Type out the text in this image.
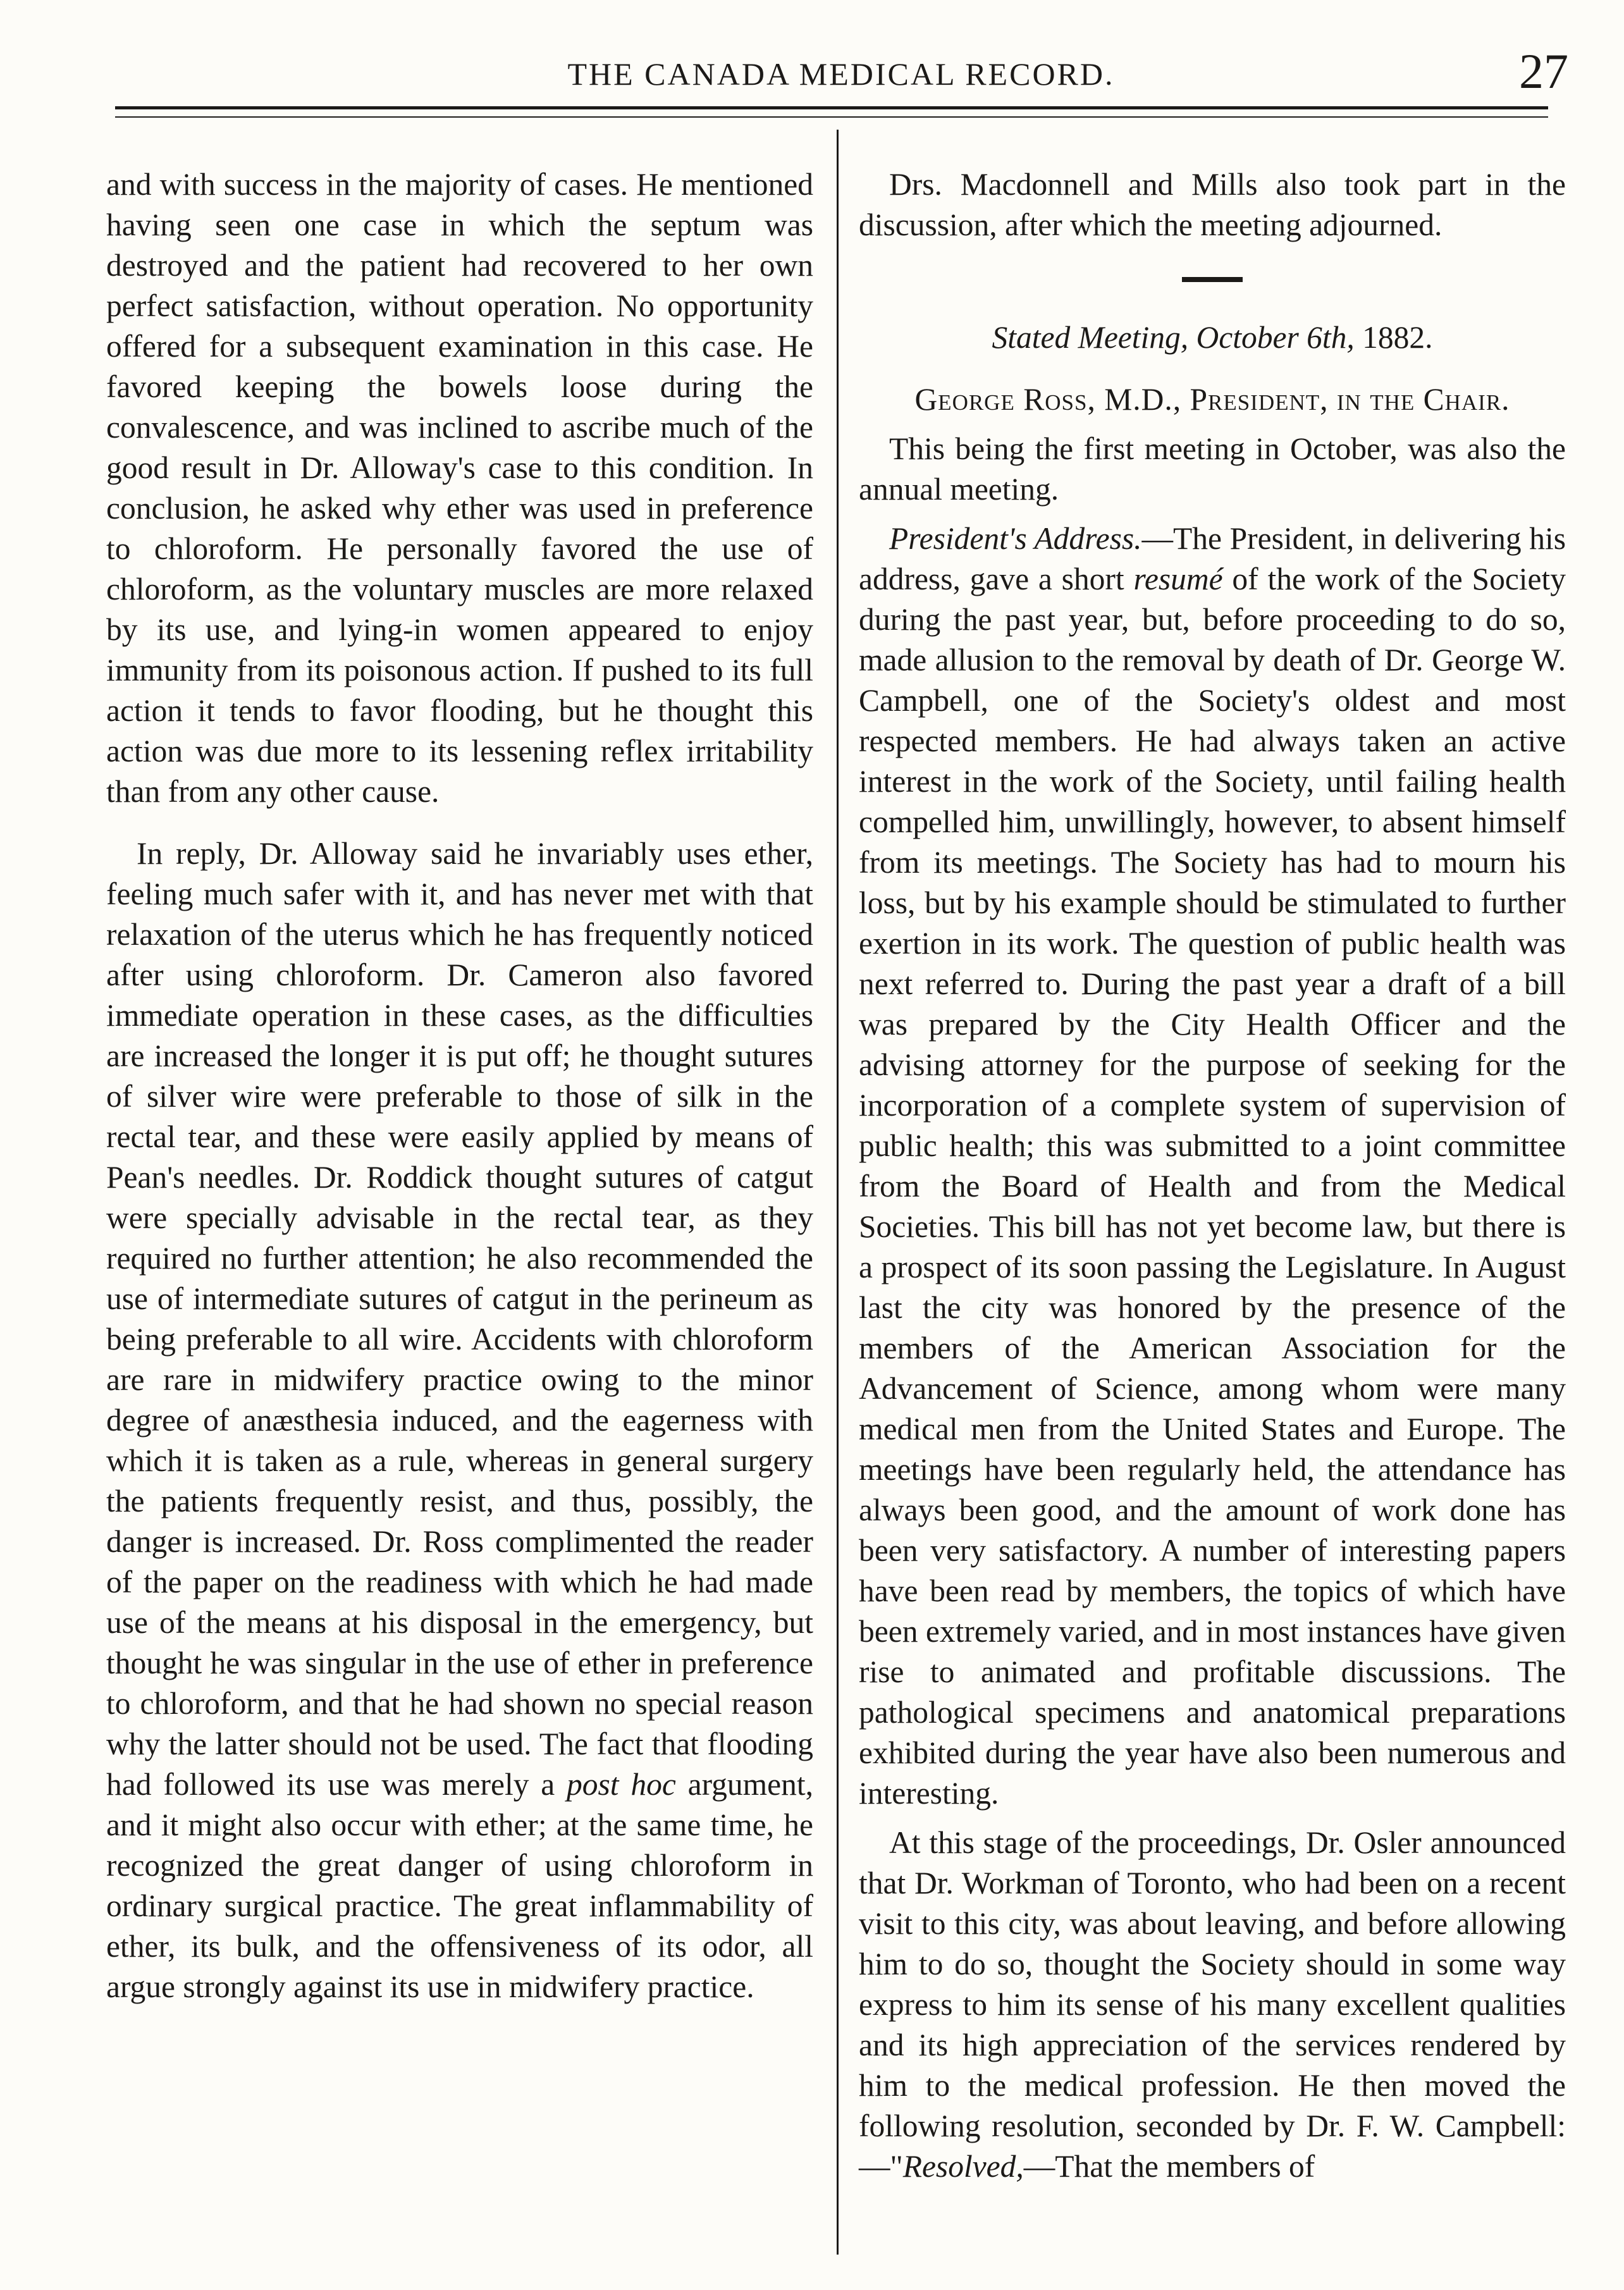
THE CANADA MEDICAL RECORD.	27

and with success in the majority of cases. He mentioned having seen one case in which the septum was destroyed and the patient had recovered to her own perfect satisfaction, without operation. No opportunity offered for a subsequent examination in this case. He favored keeping the bowels loose during the convalescence, and was inclined to ascribe much of the good result in Dr. Alloway's case to this condition. In conclusion, he asked why ether was used in preference to chloroform. He personally favored the use of chloroform, as the voluntary muscles are more relaxed by its use, and lying-in women appeared to enjoy immunity from its poisonous action. If pushed to its full action it tends to favor flooding, but he thought this action was due more to its lessening reflex irritability than from any other cause.

In reply, Dr. Alloway said he invariably uses ether, feeling much safer with it, and has never met with that relaxation of the uterus which he has frequently noticed after using chloroform. Dr. Cameron also favored immediate operation in these cases, as the difficulties are increased the longer it is put off; he thought sutures of silver wire were preferable to those of silk in the rectal tear, and these were easily applied by means of Pean's needles. Dr. Roddick thought sutures of catgut were specially advisable in the rectal tear, as they required no further attention; he also recommended the use of intermediate sutures of catgut in the perineum as being preferable to all wire. Accidents with chloroform are rare in midwifery practice owing to the minor degree of anæsthesia induced, and the eagerness with which it is taken as a rule, whereas in general surgery the patients frequently resist, and thus, possibly, the danger is increased. Dr. Ross complimented the reader of the paper on the readiness with which he had made use of the means at his disposal in the emergency, but thought he was singular in the use of ether in preference to chloroform, and that he had shown no special reason why the latter should not be used. The fact that flooding had followed its use was merely a post hoc argument, and it might also occur with ether; at the same time, he recognized the great danger of using chloroform in ordinary surgical practice. The great inflammability of ether, its bulk, and the offensiveness of its odor, all argue strongly against its use in midwifery practice.

Drs. Macdonnell and Mills also took part in the discussion, after which the meeting adjourned.

Stated Meeting, October 6th, 1882.

George Ross, M.D., President, in the Chair.

This being the first meeting in October, was also the annual meeting.

President's Address.—The President, in delivering his address, gave a short resumé of the work of the Society during the past year, but, before proceeding to do so, made allusion to the removal by death of Dr. George W. Campbell, one of the Society's oldest and most respected members. He had always taken an active interest in the work of the Society, until failing health compelled him, unwillingly, however, to absent himself from its meetings. The Society has had to mourn his loss, but by his example should be stimulated to further exertion in its work. The question of public health was next referred to. During the past year a draft of a bill was prepared by the City Health Officer and the advising attorney for the purpose of seeking for the incorporation of a complete system of supervision of public health; this was submitted to a joint committee from the Board of Health and from the Medical Societies. This bill has not yet become law, but there is a prospect of its soon passing the Legislature. In August last the city was honored by the presence of the members of the American Association for the Advancement of Science, among whom were many medical men from the United States and Europe. The meetings have been regularly held, the attendance has always been good, and the amount of work done has been very satisfactory. A number of interesting papers have been read by members, the topics of which have been extremely varied, and in most instances have given rise to animated and profitable discussions. The pathological specimens and anatomical preparations exhibited during the year have also been numerous and interesting.

At this stage of the proceedings, Dr. Osler announced that Dr. Workman of Toronto, who had been on a recent visit to this city, was about leaving, and before allowing him to do so, thought the Society should in some way express to him its sense of his many excellent qualities and its high appreciation of the services rendered by him to the medical profession. He then moved the following resolution, seconded by Dr. F. W. Campbell:—"Resolved,—That the members of
